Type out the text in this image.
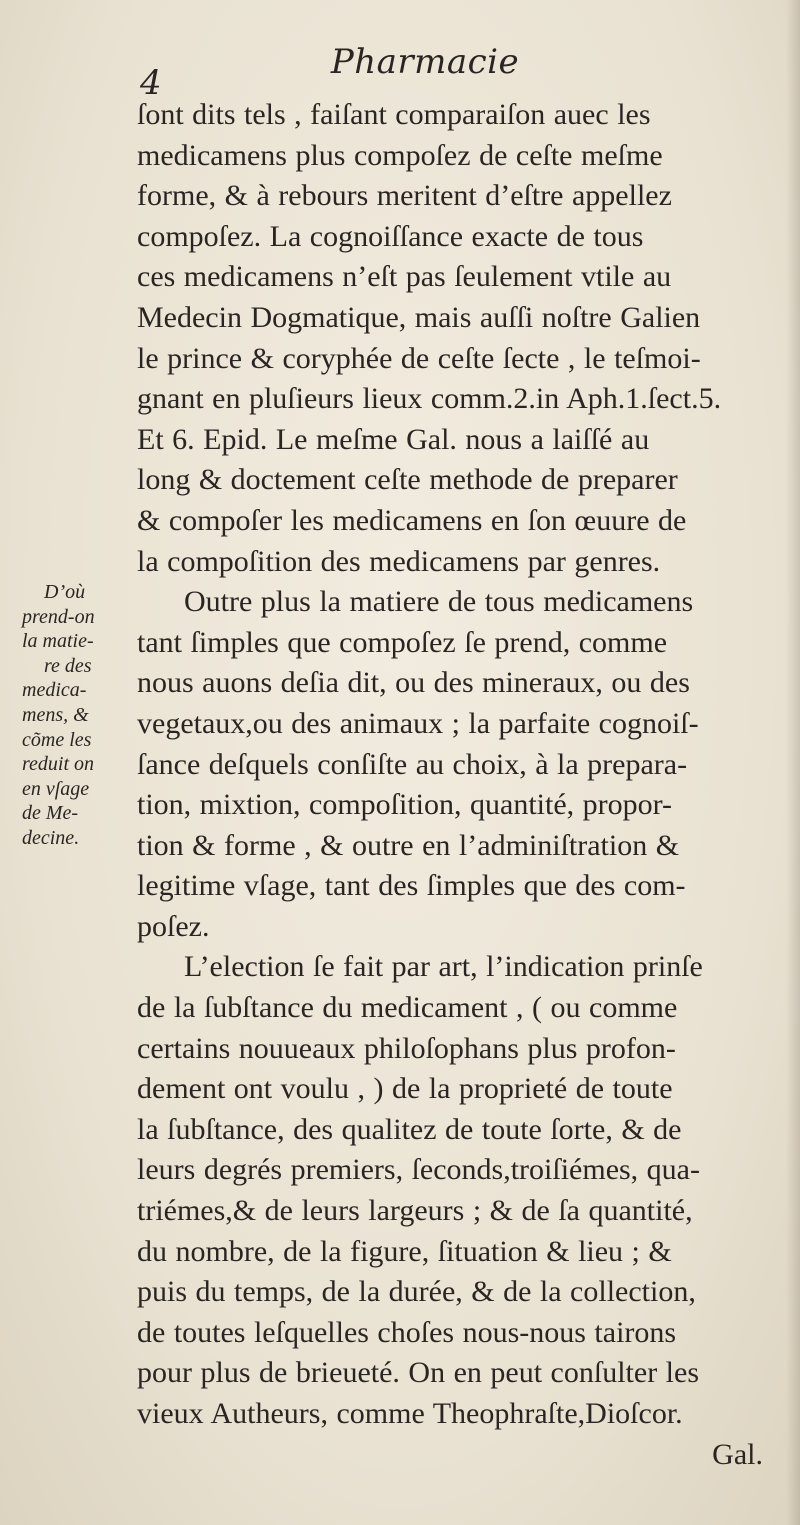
4
Pharmacie
ſont dits tels , faiſant comparaiſon auec les
medicamens plus compoſez de ceſte meſme
forme, & à rebours meritent d’eſtre appellez
compoſez. La cognoiſſance exacte de tous
ces medicamens n’eſt pas ſeulement vtile au
Medecin Dogmatique, mais auſſi noſtre Galien
le prince & coryphée de ceſte ſecte , le teſmoi-
gnant en pluſieurs lieux comm.2.in Aph.1.ſect.5.
Et 6. Epid. Le meſme Gal. nous a laiſſé au
long & doctement ceſte methode de preparer
& compoſer les medicamens en ſon œuure de
la compoſition des medicamens par genres.
Outre plus la matiere de tous medicamens
tant ſimples que compoſez ſe prend, comme
nous auons deſia dit, ou des mineraux, ou des
vegetaux,ou des animaux ; la parfaite cognoiſ-
ſance deſquels conſiſte au choix, à la prepara-
tion, mixtion, compoſition, quantité, propor-
tion & forme , & outre en l’adminiſtration &
legitime vſage, tant des ſimples que des com-
poſez.
L’election ſe fait par art, l’indication prinſe
de la ſubſtance du medicament , ( ou comme
certains nouueaux philoſophans plus profon-
dement ont voulu , ) de la proprieté de toute
la ſubſtance, des qualitez de toute ſorte, & de
leurs degrés premiers, ſeconds,troiſiémes, qua-
triémes,& de leurs largeurs ; & de ſa quantité,
du nombre, de la figure, ſituation & lieu ; &
puis du temps, de la durée, & de la collection,
de toutes leſquelles choſes nous-nous tairons
pour plus de brieueté. On en peut conſulter les
vieux Autheurs, comme Theophraſte,Dioſcor.
Gal.
D’où
prend-on
la matie-
re des
medica-
mens, &
cõme les
reduit on
en vſage
de Me-
decine.
